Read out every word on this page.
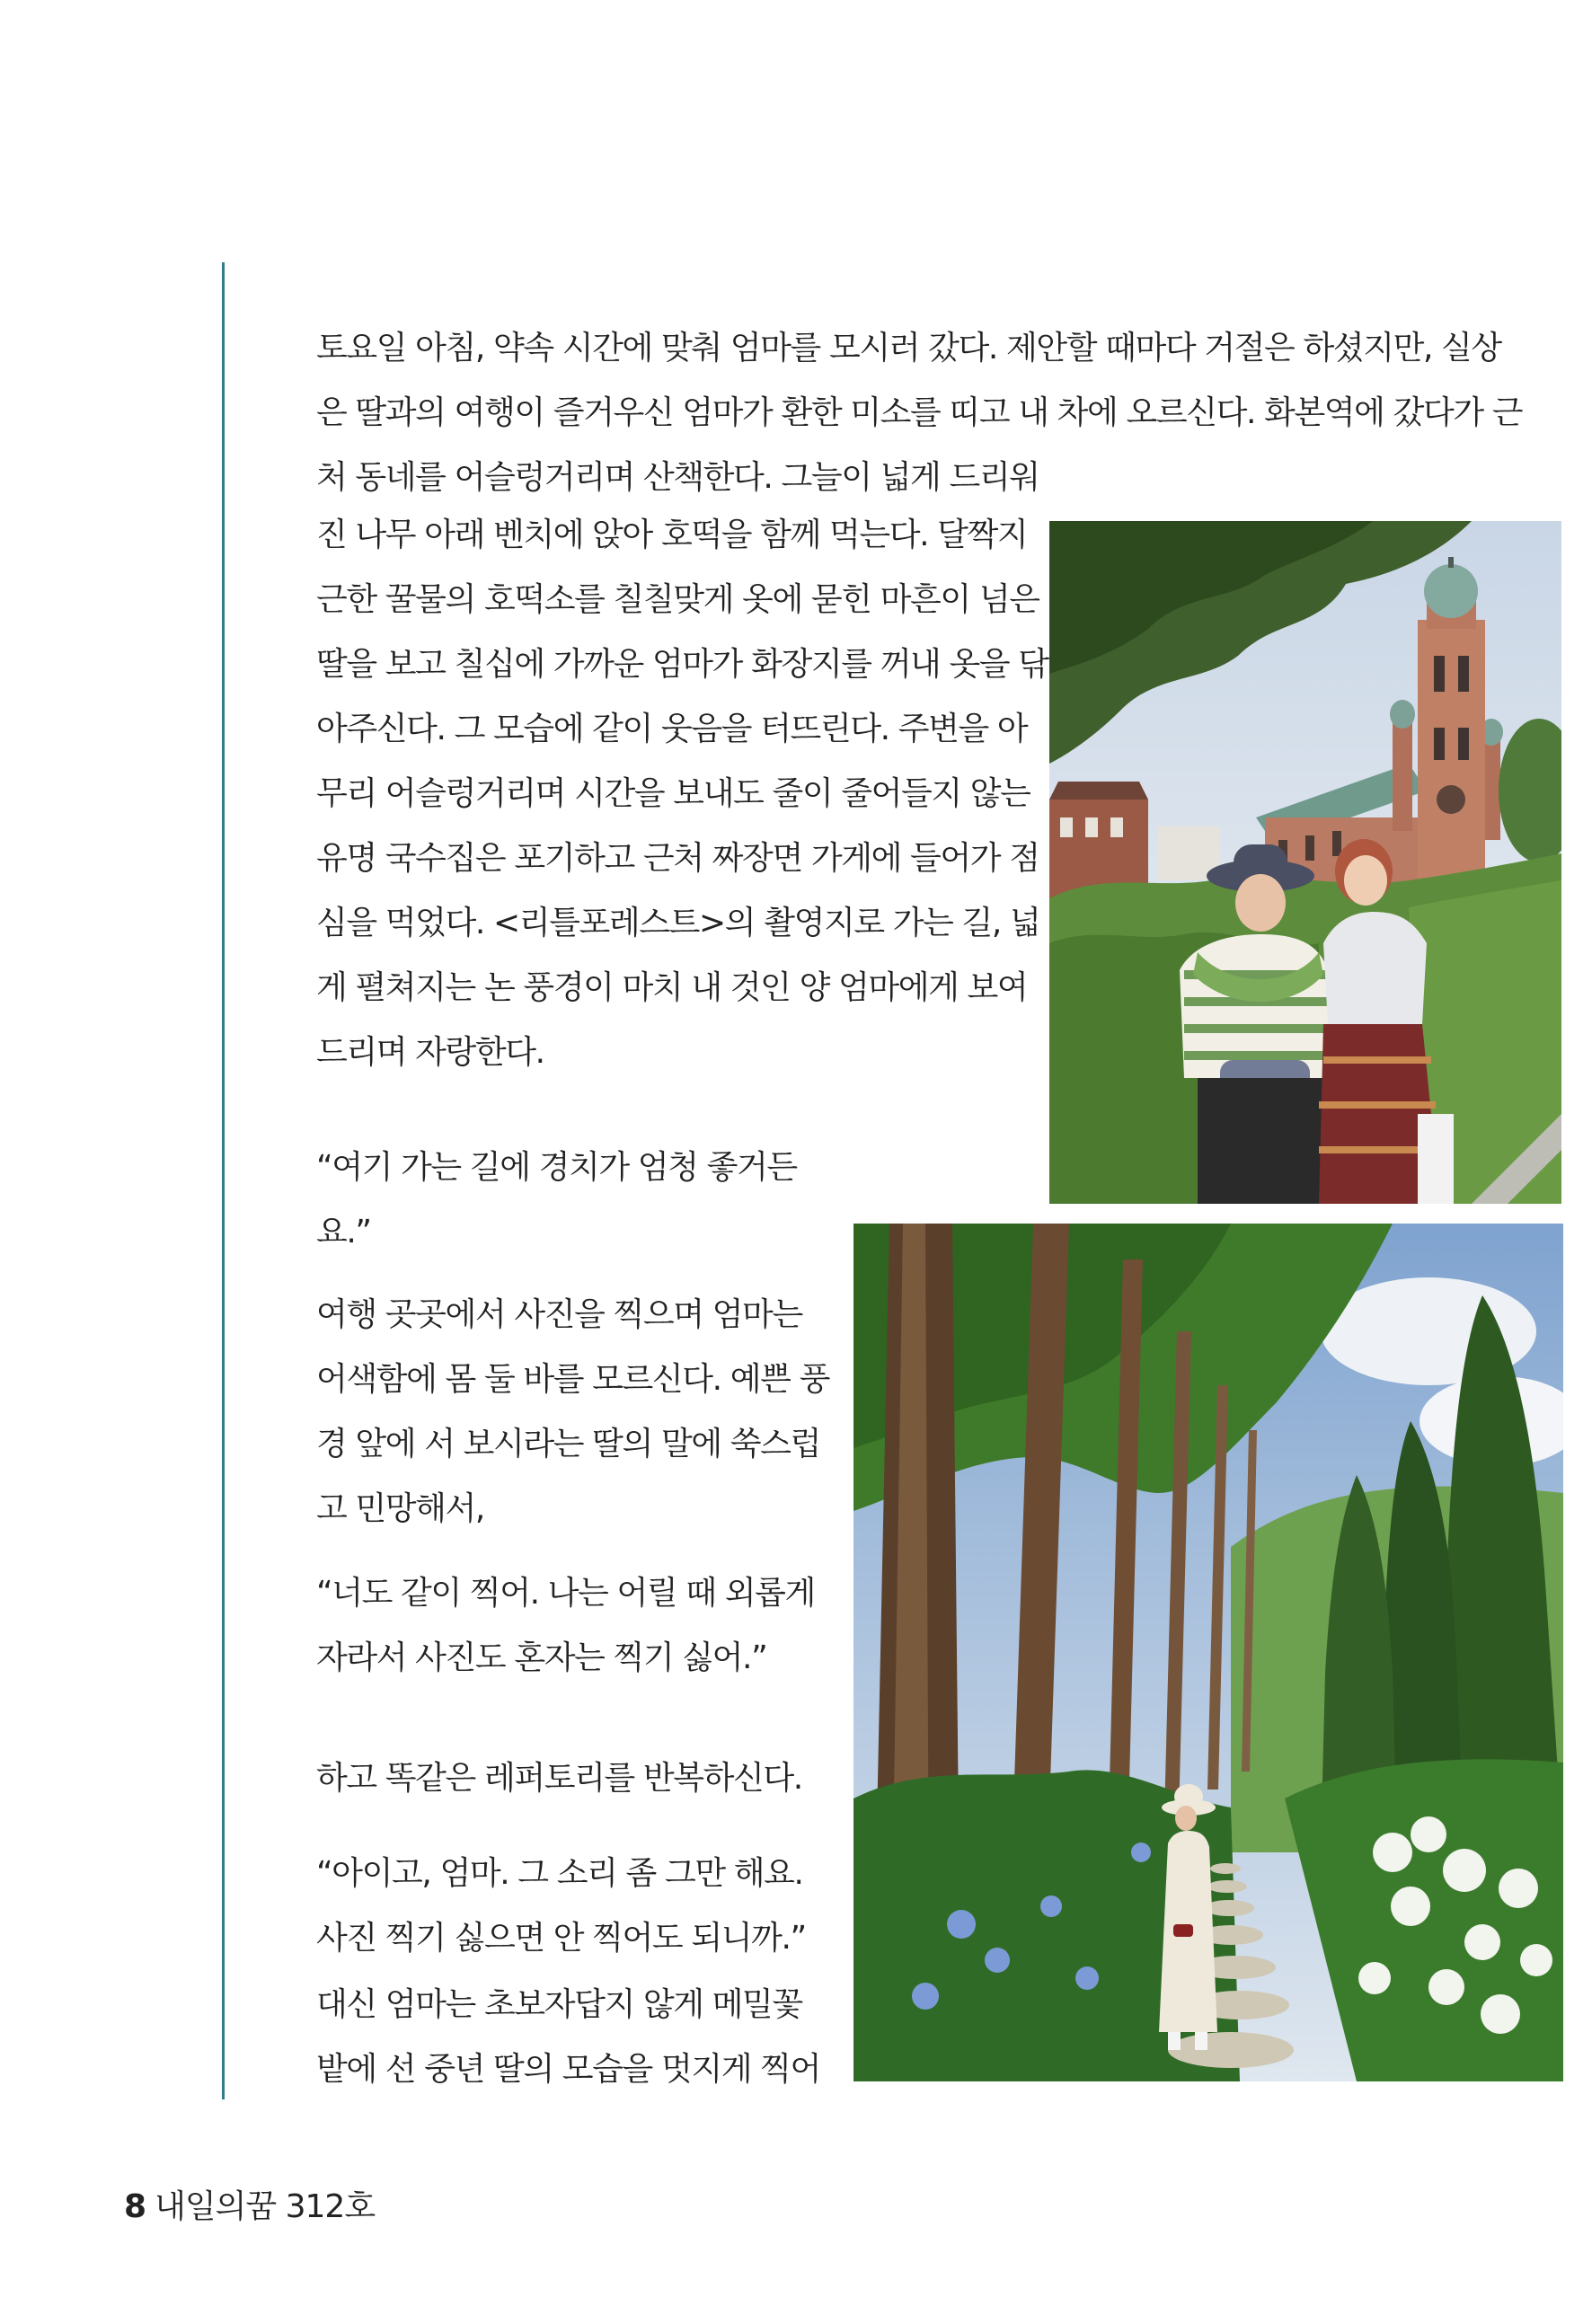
토요일 아침, 약속 시간에 맞춰 엄마를 모시러 갔다. 제안할 때마다 거절은 하셨지만, 실상
은 딸과의 여행이 즐거우신 엄마가 환한 미소를 띠고 내 차에 오르신다. 화본역에 갔다가 근
처 동네를 어슬렁거리며 산책한다. 그늘이 넓게 드리워

진 나무 아래 벤치에 앉아 호떡을 함께 먹는다. 달짝지
근한 꿀물의 호떡소를 칠칠맞게 옷에 묻힌 마흔이 넘은
딸을 보고 칠십에 가까운 엄마가 화장지를 꺼내 옷을 닦
아주신다. 그 모습에 같이 웃음을 터뜨린다. 주변을 아
무리 어슬렁거리며 시간을 보내도 줄이 줄어들지 않는
유명 국수집은 포기하고 근처 짜장면 가게에 들어가 점
심을 먹었다. <리틀포레스트>의 촬영지로 가는 길, 넓
게 펼쳐지는 논 풍경이 마치 내 것인 양 엄마에게 보여
드리며 자랑한다.

“여기 가는 길에 경치가 엄청 좋거든
요.”

여행 곳곳에서 사진을 찍으며 엄마는
어색함에 몸 둘 바를 모르신다. 예쁜 풍
경 앞에 서 보시라는 딸의 말에 쑥스럽
고 민망해서,

“너도 같이 찍어. 나는 어릴 때 외롭게
자라서 사진도 혼자는 찍기 싫어.”

하고 똑같은 레퍼토리를 반복하신다.

“아이고, 엄마. 그 소리 좀 그만 해요.
사진 찍기 싫으면 안 찍어도 되니까.”

대신 엄마는 초보자답지 않게 메밀꽃
밭에 선 중년 딸의 모습을 멋지게 찍어

8 내일의꿈 312호
